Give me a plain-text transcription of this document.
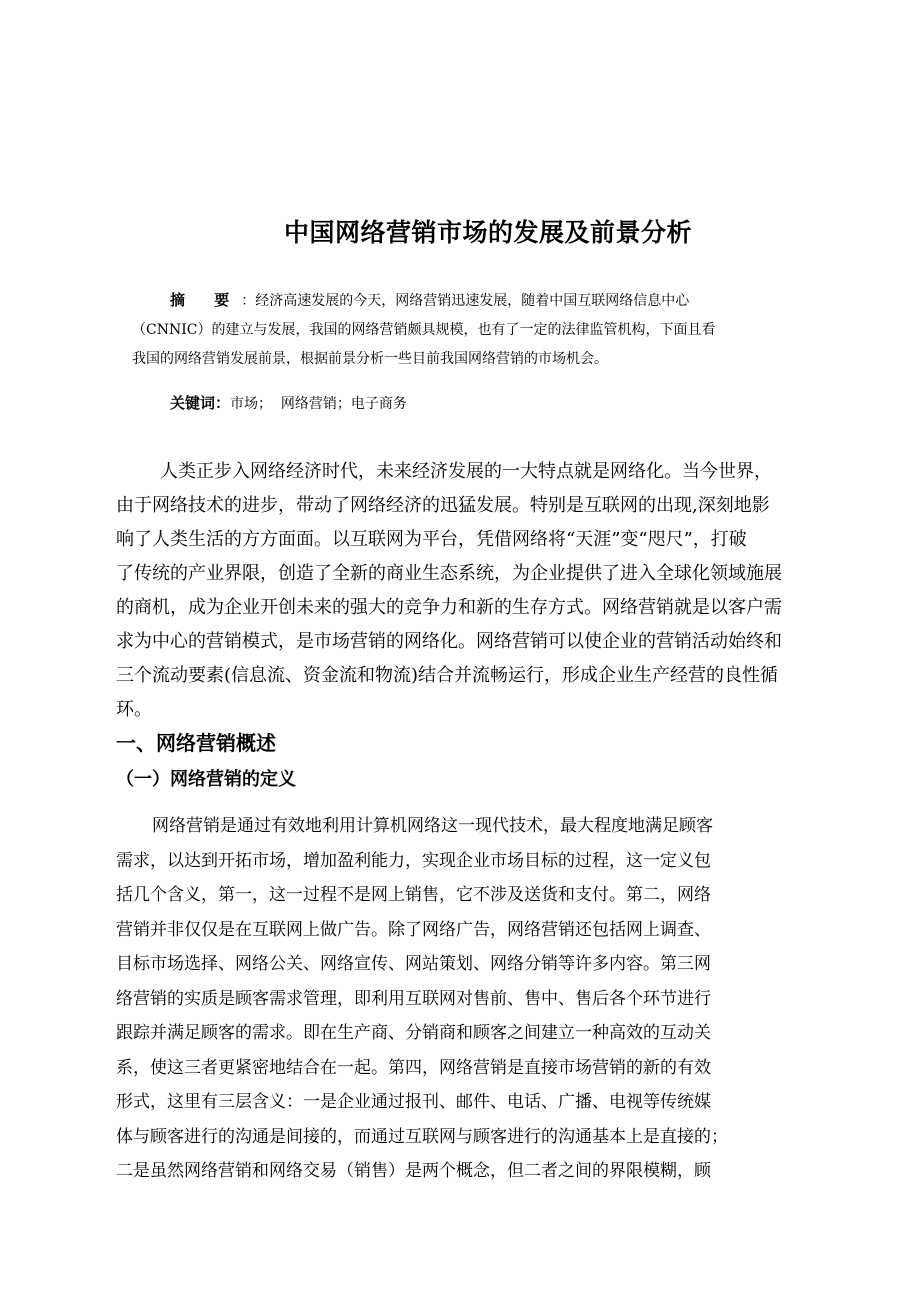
中国网络营销市场的发展及前景分析
摘 要：经济高速发展的今天，网络营销迅速发展，随着中国互联网络信息中心
（CNNIC）的建立与发展，我国的网络营销颇具规模，也有了一定的法律监管机构，下面且看
我国的网络营销发展前景，根据前景分析一些目前我国网络营销的市场机会。
关键词：市场；  网络营销；电子商务
人类正步入网络经济时代，未来经济发展的一大特点就是网络化。当今世界，
由于网络技术的进步，带动了网络经济的迅猛发展。特别是互联网的出现,深刻地影
响了人类生活的方方面面。以互联网为平台，凭借网络将“天涯”变“咫尺”，打破
了传统的产业界限，创造了全新的商业生态系统，为企业提供了进入全球化领域施展
的商机，成为企业开创未来的强大的竞争力和新的生存方式。网络营销就是以客户需
求为中心的营销模式，是市场营销的网络化。网络营销可以使企业的营销活动始终和
三个流动要素(信息流、资金流和物流)结合并流畅运行，形成企业生产经营的良性循
环。
一、网络营销概述
（一）网络营销的定义
网络营销是通过有效地利用计算机网络这一现代技术，最大程度地满足顾客
需求，以达到开拓市场，增加盈利能力，实现企业市场目标的过程，这一定义包
括几个含义，第一，这一过程不是网上销售，它不涉及送货和支付。第二，网络
营销并非仅仅是在互联网上做广告。除了网络广告，网络营销还包括网上调查、
目标市场选择、网络公关、网络宣传、网站策划、网络分销等许多内容。第三网
络营销的实质是顾客需求管理，即利用互联网对售前、售中、售后各个环节进行
跟踪并满足顾客的需求。即在生产商、分销商和顾客之间建立一种高效的互动关
系，使这三者更紧密地结合在一起。第四，网络营销是直接市场营销的新的有效
形式，这里有三层含义：一是企业通过报刊、邮件、电话、广播、电视等传统媒
体与顾客进行的沟通是间接的，而通过互联网与顾客进行的沟通基本上是直接的；
二是虽然网络营销和网络交易（销售）是两个概念，但二者之间的界限模糊，顾
